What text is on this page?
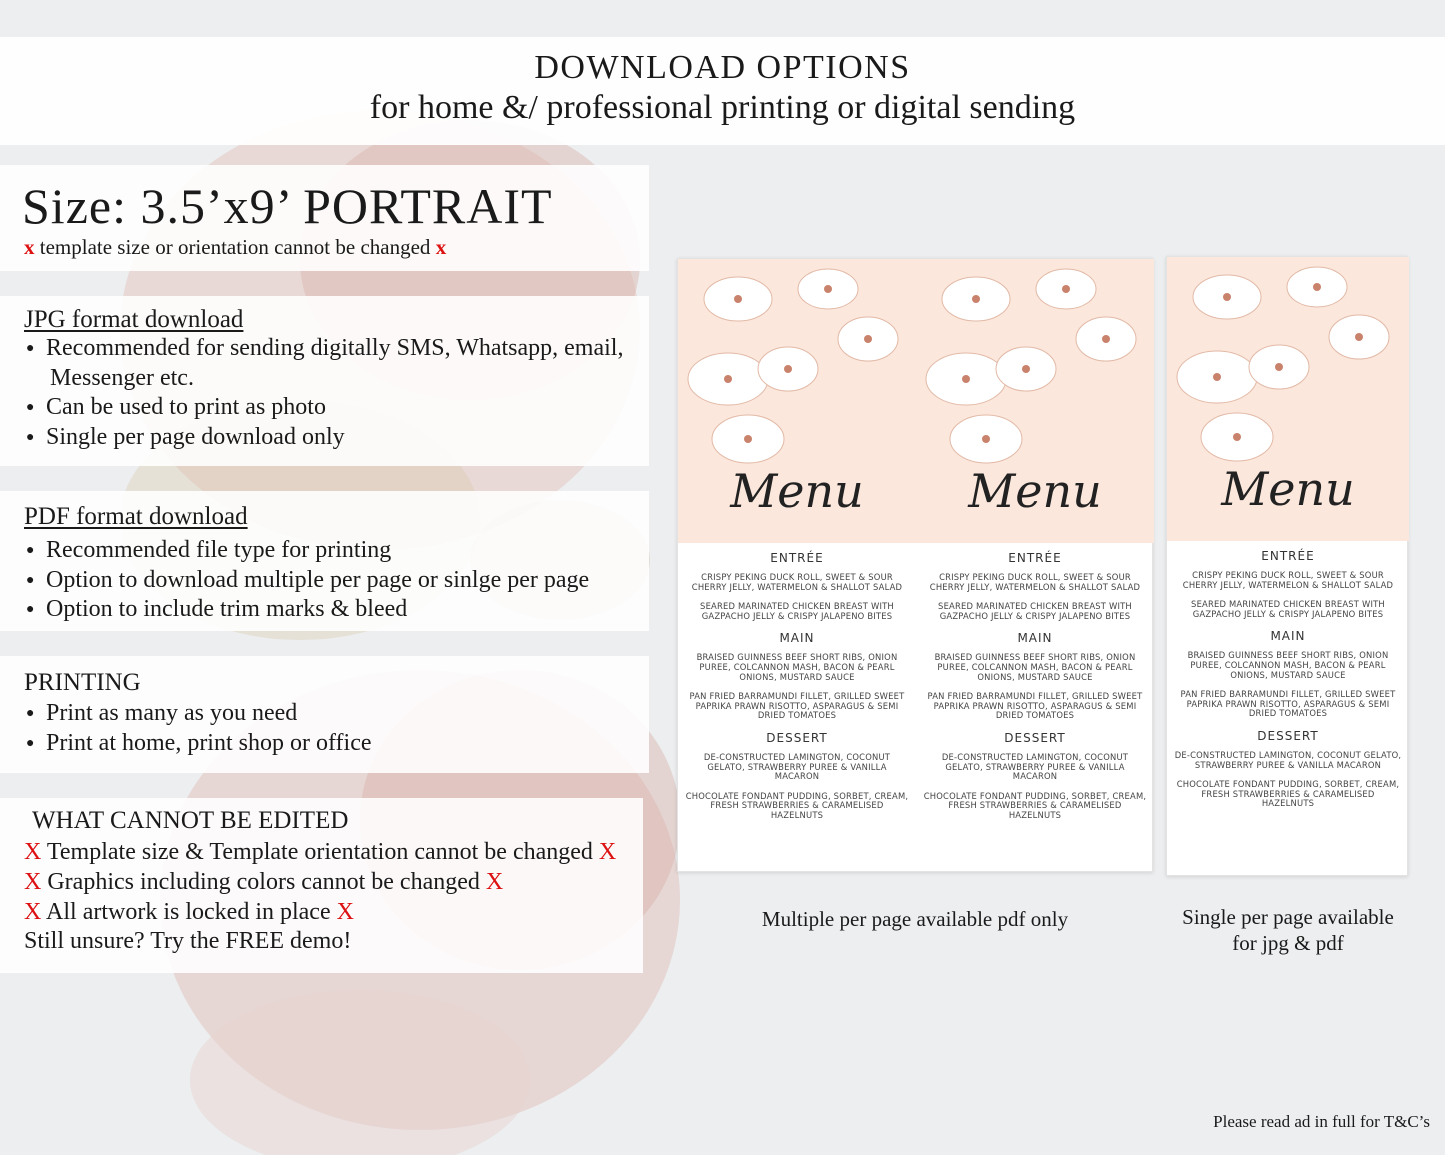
DOWNLOAD OPTIONS
for home &/ professional printing or digital sending
Size: 3.5’x9’ PORTRAIT
x template size or orientation cannot be changed x
JPG format download
● Recommended for sending digitally SMS, Whatsapp, email,
Messenger etc.
● Can be used to print as photo
● Single per page download only
PDF format download
● Recommended file type for printing
● Option to download multiple per page or sinlge per page
● Option to include trim marks & bleed
PRINTING
● Print as many as you need
● Print at home, print shop or office
WHAT CANNOT BE EDITED
X Template size & Template orientation cannot be changed X
X Graphics including colors cannot be changed X
X All artwork is locked in place X
Still unsure? Try the FREE demo!
Menu
ENTRÉE
CRISPY PEKING DUCK ROLL, SWEET & SOUR CHERRY JELLY, WATERMELON & SHALLOT SALAD
SEARED MARINATED CHICKEN BREAST WITH GAZPACHO JELLY & CRISPY JALAPENO BITES
MAIN
BRAISED GUINNESS BEEF SHORT RIBS, ONION PUREE, COLCANNON MASH, BACON & PEARL ONIONS, MUSTARD SAUCE
PAN FRIED BARRAMUNDI FILLET, GRILLED SWEET PAPRIKA PRAWN RISOTTO, ASPARAGUS & SEMI DRIED TOMATOES
DESSERT
DE-CONSTRUCTED LAMINGTON, COCONUT GELATO, STRAWBERRY PUREE & VANILLA MACARON
CHOCOLATE FONDANT PUDDING, SORBET, CREAM, FRESH STRAWBERRIES & CARAMELISED HAZELNUTS
Menu
ENTRÉE
CRISPY PEKING DUCK ROLL, SWEET & SOUR CHERRY JELLY, WATERMELON & SHALLOT SALAD
SEARED MARINATED CHICKEN BREAST WITH GAZPACHO JELLY & CRISPY JALAPENO BITES
MAIN
BRAISED GUINNESS BEEF SHORT RIBS, ONION PUREE, COLCANNON MASH, BACON & PEARL ONIONS, MUSTARD SAUCE
PAN FRIED BARRAMUNDI FILLET, GRILLED SWEET PAPRIKA PRAWN RISOTTO, ASPARAGUS & SEMI DRIED TOMATOES
DESSERT
DE-CONSTRUCTED LAMINGTON, COCONUT GELATO, STRAWBERRY PUREE & VANILLA MACARON
CHOCOLATE FONDANT PUDDING, SORBET, CREAM, FRESH STRAWBERRIES & CARAMELISED HAZELNUTS
Menu
ENTRÉE
CRISPY PEKING DUCK ROLL, SWEET & SOUR CHERRY JELLY, WATERMELON & SHALLOT SALAD
SEARED MARINATED CHICKEN BREAST WITH GAZPACHO JELLY & CRISPY JALAPENO BITES
MAIN
BRAISED GUINNESS BEEF SHORT RIBS, ONION PUREE, COLCANNON MASH, BACON & PEARL ONIONS, MUSTARD SAUCE
PAN FRIED BARRAMUNDI FILLET, GRILLED SWEET PAPRIKA PRAWN RISOTTO, ASPARAGUS & SEMI DRIED TOMATOES
DESSERT
DE-CONSTRUCTED LAMINGTON, COCONUT GELATO, STRAWBERRY PUREE & VANILLA MACARON
CHOCOLATE FONDANT PUDDING, SORBET, CREAM, FRESH STRAWBERRIES & CARAMELISED HAZELNUTS
Multiple per page available pdf only	Single per page available
for jpg & pdf
Please read ad in full for T&C’s
